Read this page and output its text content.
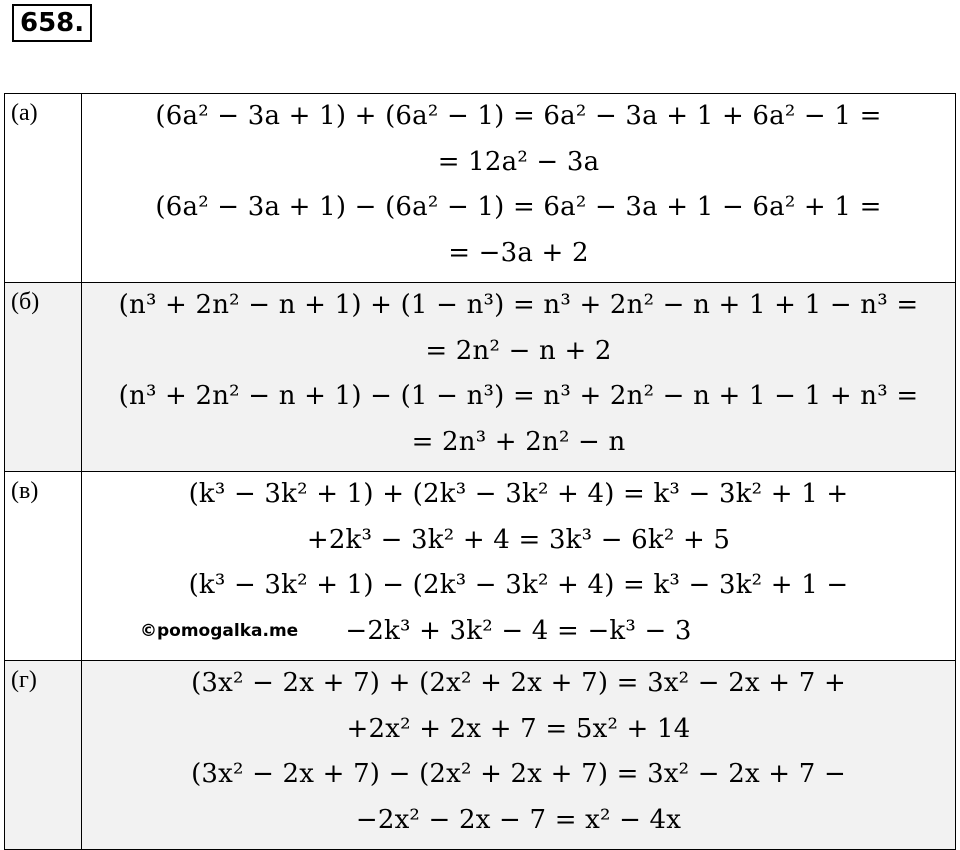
658.
(а)	(6a² − 3a + 1) + (6a² − 1) = 6a² − 3a + 1 + 6a² − 1 =
= 12a² − 3a
(6a² − 3a + 1) − (6a² − 1) = 6a² − 3a + 1 − 6a² + 1 =
= −3a + 2

(б)	(n³ + 2n² − n + 1) + (1 − n³) = n³ + 2n² − n + 1 + 1 − n³ =
= 2n² − n + 2
(n³ + 2n² − n + 1) − (1 − n³) = n³ + 2n² − n + 1 − 1 + n³ =
= 2n³ + 2n² − n

(в)	(k³ − 3k² + 1) + (2k³ − 3k² + 4) = k³ − 3k² + 1 +
+2k³ − 3k² + 4 = 3k³ − 6k² + 5
(k³ − 3k² + 1) − (2k³ − 3k² + 4) = k³ − 3k² + 1 −
−2k³ + 3k² − 4 = −k³ − 3

(г)	(3x² − 2x + 7) + (2x² + 2x + 7) = 3x² − 2x + 7 +
+2x² + 2x + 7 = 5x² + 14
(3x² − 2x + 7) − (2x² + 2x + 7) = 3x² − 2x + 7 −
−2x² − 2x − 7 = x² − 4x
©pomogalka.me
